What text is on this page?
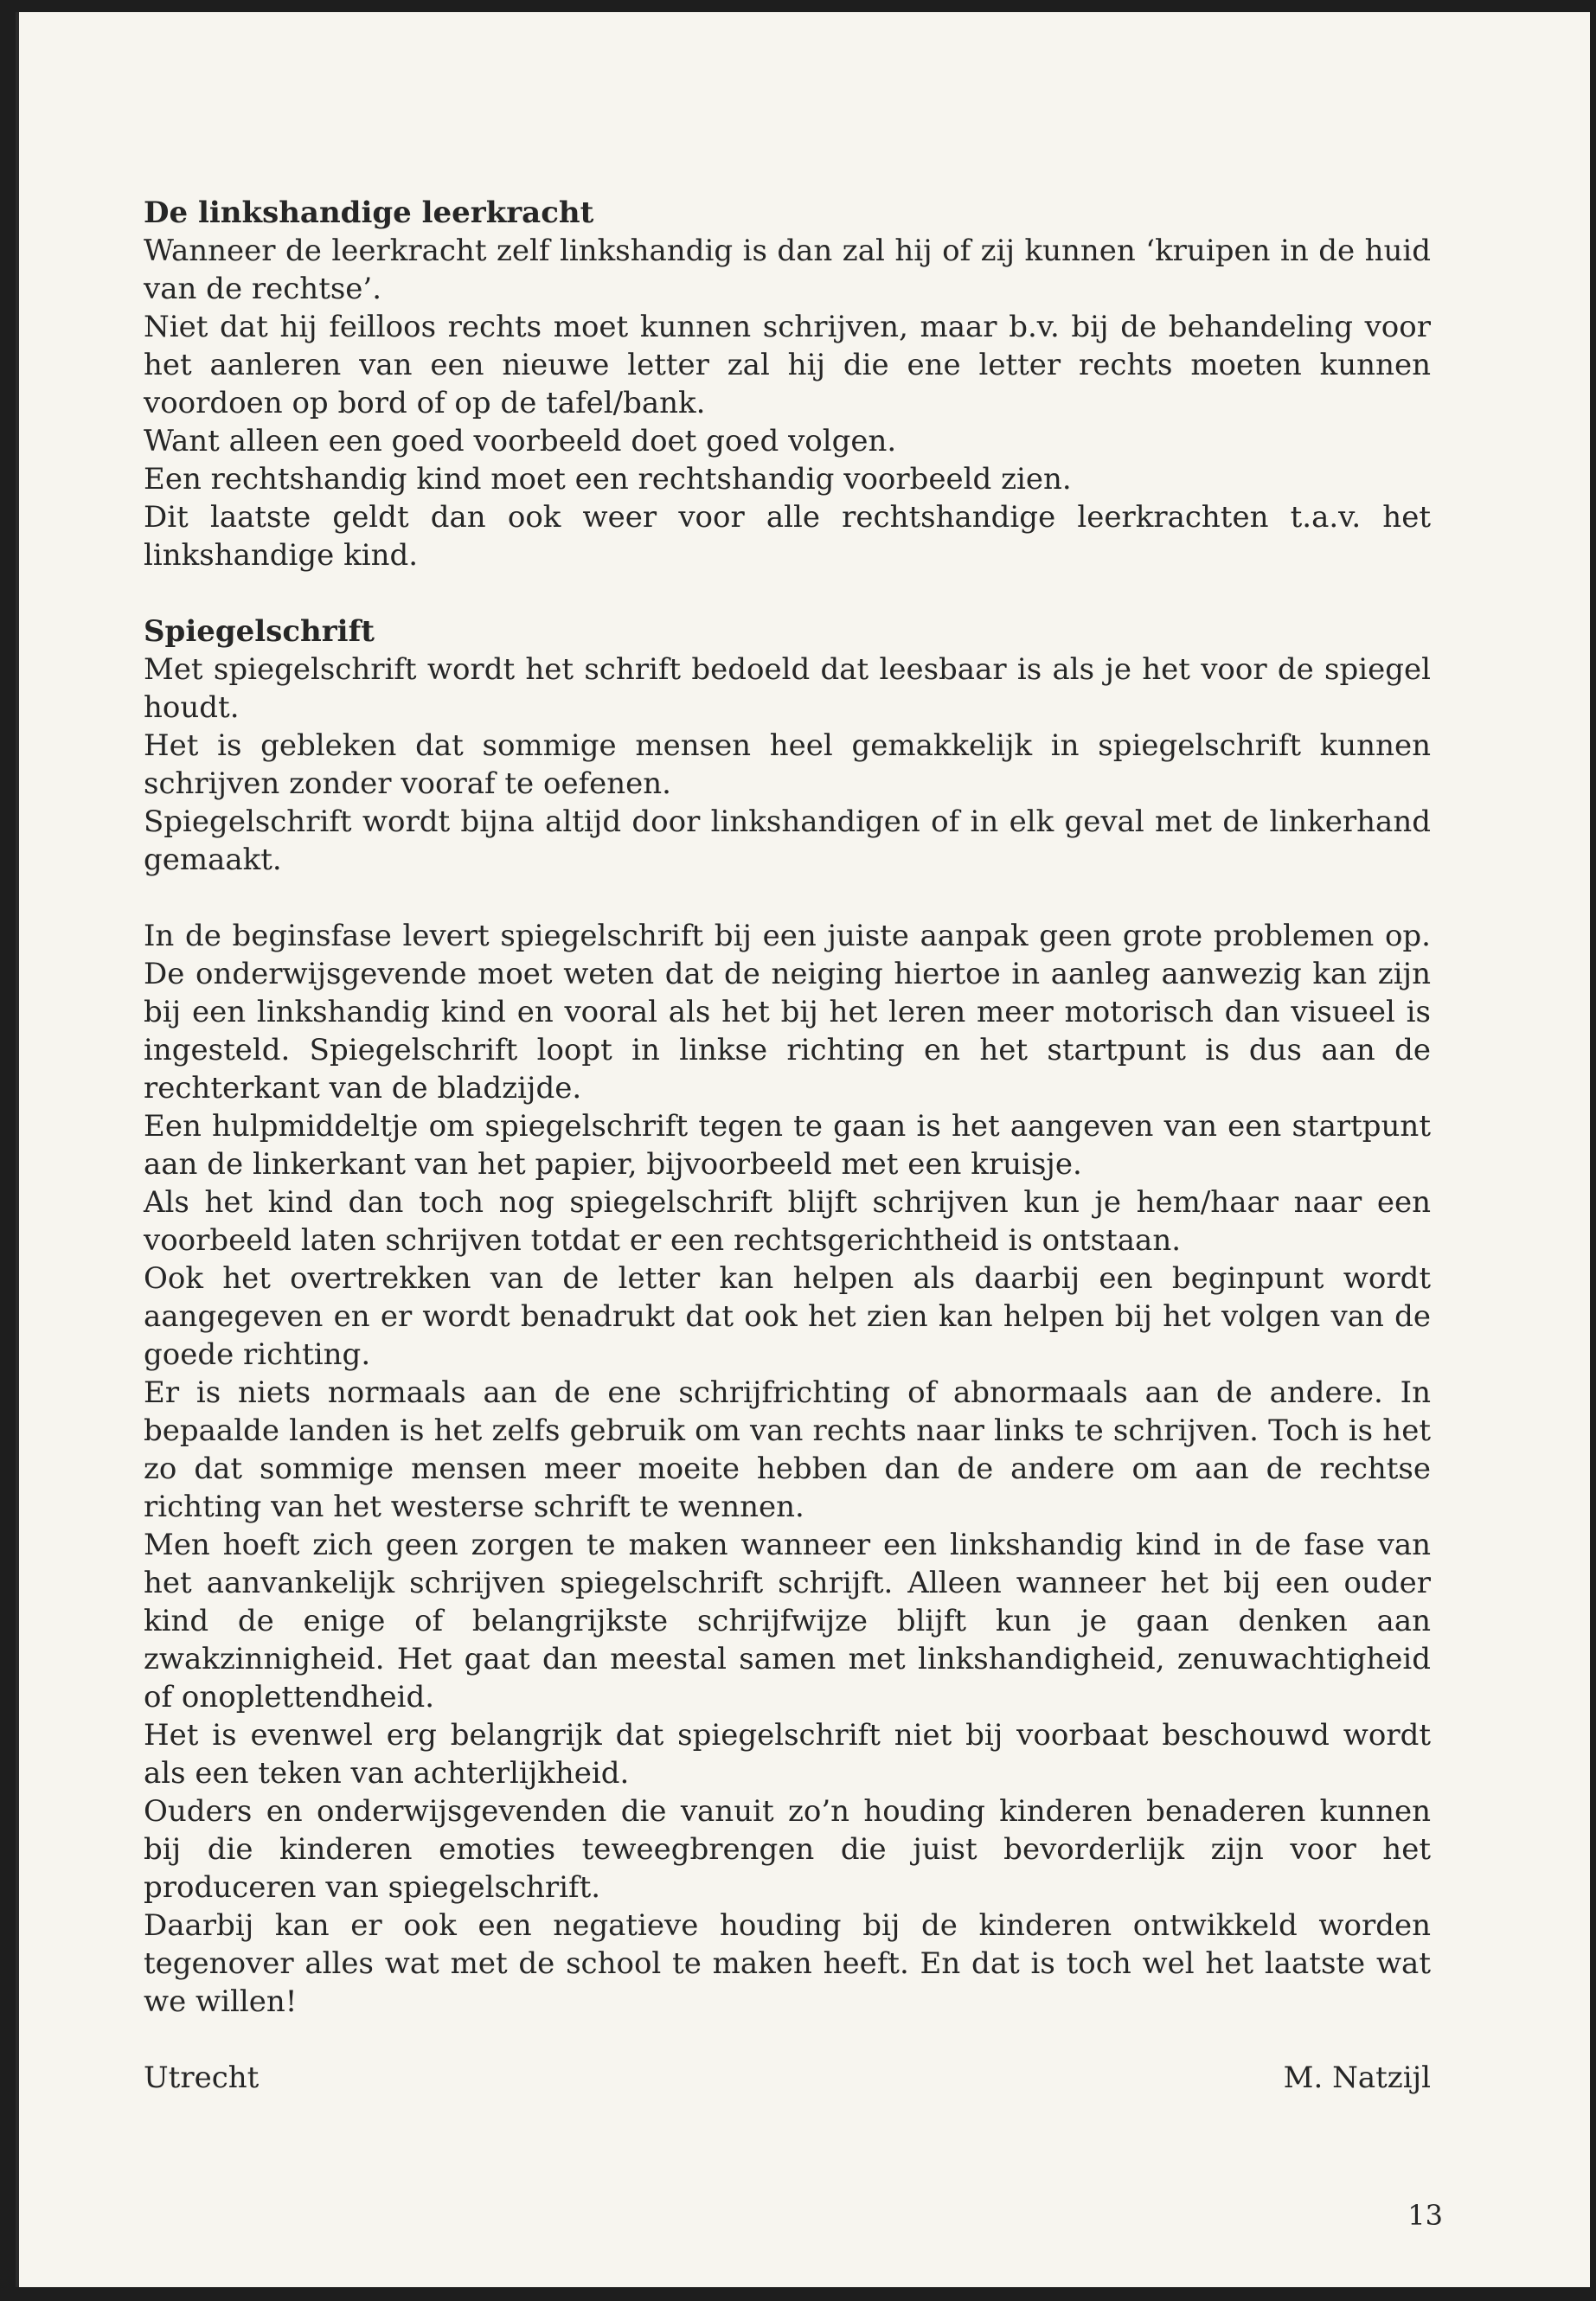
De linkshandige leerkracht

Wanneer de leerkracht zelf linkshandig is dan zal hij of zij kunnen ‘kruipen in de huid van de rechtse’.

Niet dat hij feilloos rechts moet kunnen schrijven, maar b.v. bij de behandeling voor het aanleren van een nieuwe letter zal hij die ene letter rechts moeten kunnen voordoen op bord of op de tafel/bank.

Want alleen een goed voorbeeld doet goed volgen.

Een rechtshandig kind moet een rechtshandig voorbeeld zien.

Dit laatste geldt dan ook weer voor alle rechtshandige leerkrachten t.a.v. het linkshandige kind.

Spiegelschrift

Met spiegelschrift wordt het schrift bedoeld dat leesbaar is als je het voor de spiegel houdt.

Het is gebleken dat sommige mensen heel gemakkelijk in spiegelschrift kunnen schrijven zonder vooraf te oefenen.

Spiegelschrift wordt bijna altijd door linkshandigen of in elk geval met de linkerhand gemaakt.

In de beginsfase levert spiegelschrift bij een juiste aanpak geen grote problemen op. De onderwijsgevende moet weten dat de neiging hiertoe in aanleg aanwezig kan zijn bij een linkshandig kind en vooral als het bij het leren meer motorisch dan visueel is ingesteld. Spiegelschrift loopt in linkse richting en het startpunt is dus aan de rechterkant van de bladzijde.

Een hulpmiddeltje om spiegelschrift tegen te gaan is het aangeven van een startpunt aan de linkerkant van het papier, bijvoorbeeld met een kruisje.

Als het kind dan toch nog spiegelschrift blijft schrijven kun je hem/haar naar een voorbeeld laten schrijven totdat er een rechtsgerichtheid is ontstaan.

Ook het overtrekken van de letter kan helpen als daarbij een beginpunt wordt aangegeven en er wordt benadrukt dat ook het zien kan helpen bij het volgen van de goede richting.

Er is niets normaals aan de ene schrijfrichting of abnormaals aan de andere. In bepaalde landen is het zelfs gebruik om van rechts naar links te schrijven. Toch is het zo dat sommige mensen meer moeite hebben dan de andere om aan de rechtse richting van het westerse schrift te wennen.

Men hoeft zich geen zorgen te maken wanneer een linkshandig kind in de fase van het aanvankelijk schrijven spiegelschrift schrijft. Alleen wanneer het bij een ouder kind de enige of belangrijkste schrijfwijze blijft kun je gaan denken aan zwakzinnigheid. Het gaat dan meestal samen met linkshandigheid, zenuwachtigheid of onoplettendheid.

Het is evenwel erg belangrijk dat spiegelschrift niet bij voorbaat beschouwd wordt als een teken van achterlijkheid.

Ouders en onderwijsgevenden die vanuit zo’n houding kinderen benaderen kunnen bij die kinderen emoties teweegbrengen die juist bevorderlijk zijn voor het produceren van spiegelschrift.

Daarbij kan er ook een negatieve houding bij de kinderen ontwikkeld worden tegenover alles wat met de school te maken heeft. En dat is toch wel het laatste wat we willen!

Utrecht	M. Natzijl
13
